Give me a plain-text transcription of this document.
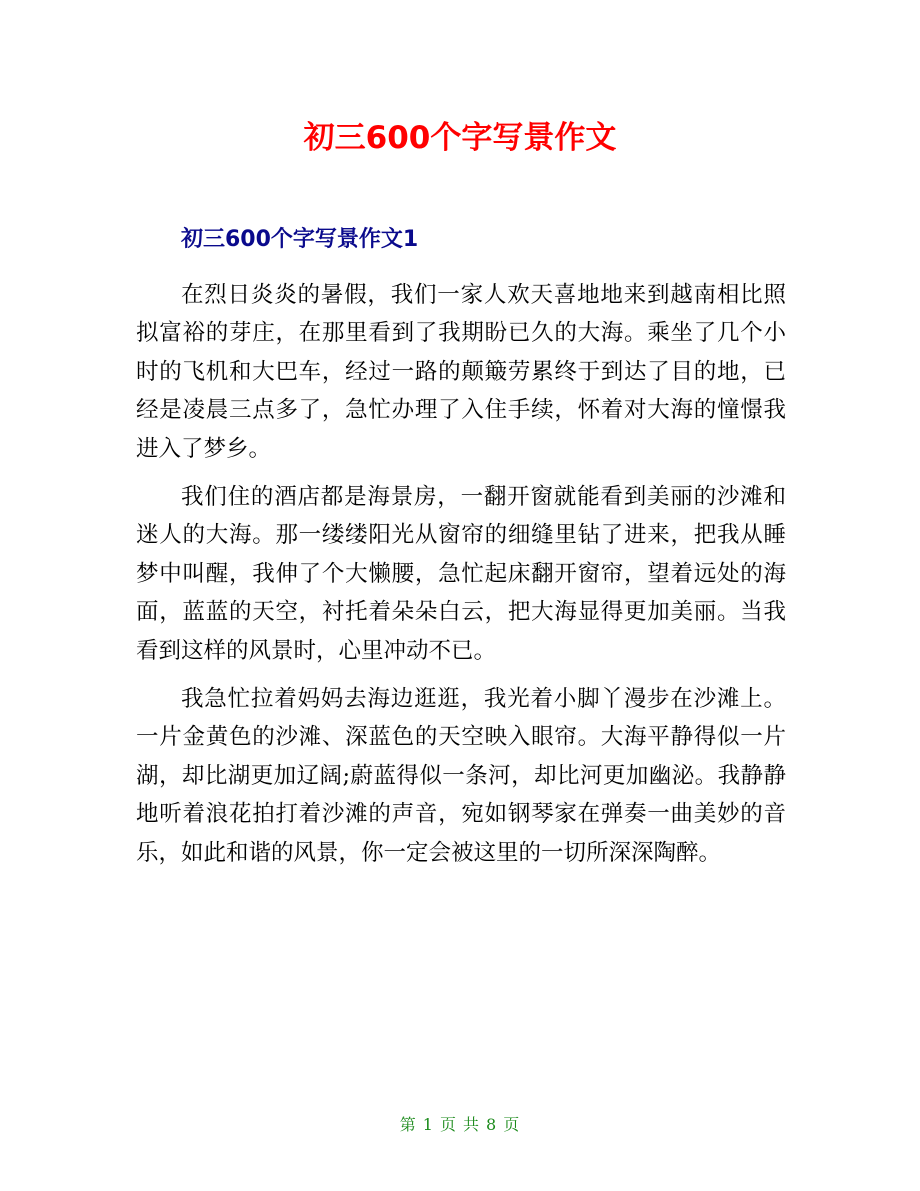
初三600个字写景作文
初三600个字写景作文1

在烈日炎炎的暑假，我们一家人欢天喜地地来到越南相比照拟富裕的芽庄，在那里看到了我期盼已久的大海。乘坐了几个小时的飞机和大巴车，经过一路的颠簸劳累终于到达了目的地，已经是凌晨三点多了，急忙办理了入住手续，怀着对大海的憧憬我进入了梦乡。

我们住的酒店都是海景房，一翻开窗就能看到美丽的沙滩和迷人的大海。那一缕缕阳光从窗帘的细缝里钻了进来，把我从睡梦中叫醒，我伸了个大懒腰，急忙起床翻开窗帘，望着远处的海面，蓝蓝的天空，衬托着朵朵白云，把大海显得更加美丽。当我看到这样的风景时，心里冲动不已。

我急忙拉着妈妈去海边逛逛，我光着小脚丫漫步在沙滩上。一片金黄色的沙滩、深蓝色的天空映入眼帘。大海平静得似一片湖，却比湖更加辽阔;蔚蓝得似一条河，却比河更加幽泌。我静静地听着浪花拍打着沙滩的声音，宛如钢琴家在弹奏一曲美妙的音乐，如此和谐的风景，你一定会被这里的一切所深深陶醉。

第 1 页 共 8 页
